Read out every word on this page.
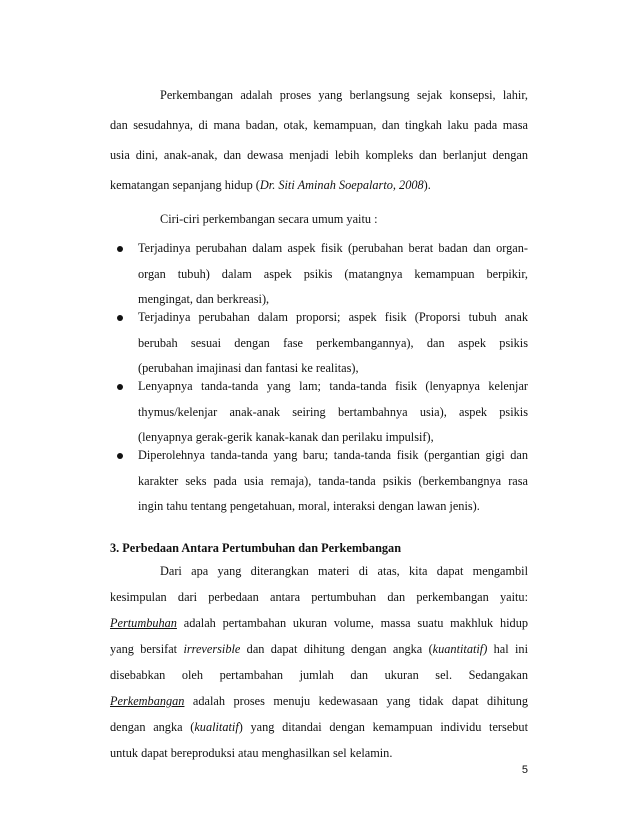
Perkembangan adalah proses yang berlangsung sejak konsepsi, lahir,
dan sesudahnya, di mana badan, otak, kemampuan, dan tingkah laku pada masa
usia dini, anak-anak, dan dewasa menjadi lebih kompleks dan berlanjut dengan
kematangan sepanjang hidup (Dr. Siti Aminah Soepalarto, 2008).
Ciri-ciri perkembangan secara umum yaitu :
Terjadinya perubahan dalam aspek fisik (perubahan berat badan dan organ-
organ tubuh) dalam aspek psikis (matangnya kemampuan berpikir,
mengingat, dan berkreasi),
Terjadinya perubahan dalam proporsi; aspek fisik (Proporsi tubuh anak
berubah sesuai dengan fase perkembangannya), dan aspek psikis
(perubahan imajinasi dan fantasi ke realitas),
Lenyapnya tanda-tanda yang lam; tanda-tanda fisik (lenyapnya kelenjar
thymus/kelenjar anak-anak seiring bertambahnya usia), aspek psikis
(lenyapnya gerak-gerik kanak-kanak dan perilaku impulsif),
Diperolehnya tanda-tanda yang baru; tanda-tanda fisik (pergantian gigi dan
karakter seks pada usia remaja), tanda-tanda psikis (berkembangnya rasa
ingin tahu tentang pengetahuan, moral, interaksi dengan lawan jenis).
3. Perbedaan Antara Pertumbuhan dan Perkembangan
Dari apa yang diterangkan materi di atas, kita dapat mengambil
kesimpulan dari perbedaan antara pertumbuhan dan perkembangan yaitu:
Pertumbuhan adalah pertambahan ukuran volume, massa suatu makhluk hidup
yang bersifat irreversible dan dapat dihitung dengan angka (kuantitatif) hal ini
disebabkan oleh pertambahan jumlah dan ukuran sel. Sedangakan
Perkembangan adalah proses menuju kedewasaan yang tidak dapat dihitung
dengan angka (kualitatif) yang ditandai dengan kemampuan individu tersebut
untuk dapat bereproduksi atau menghasilkan sel kelamin.
5
